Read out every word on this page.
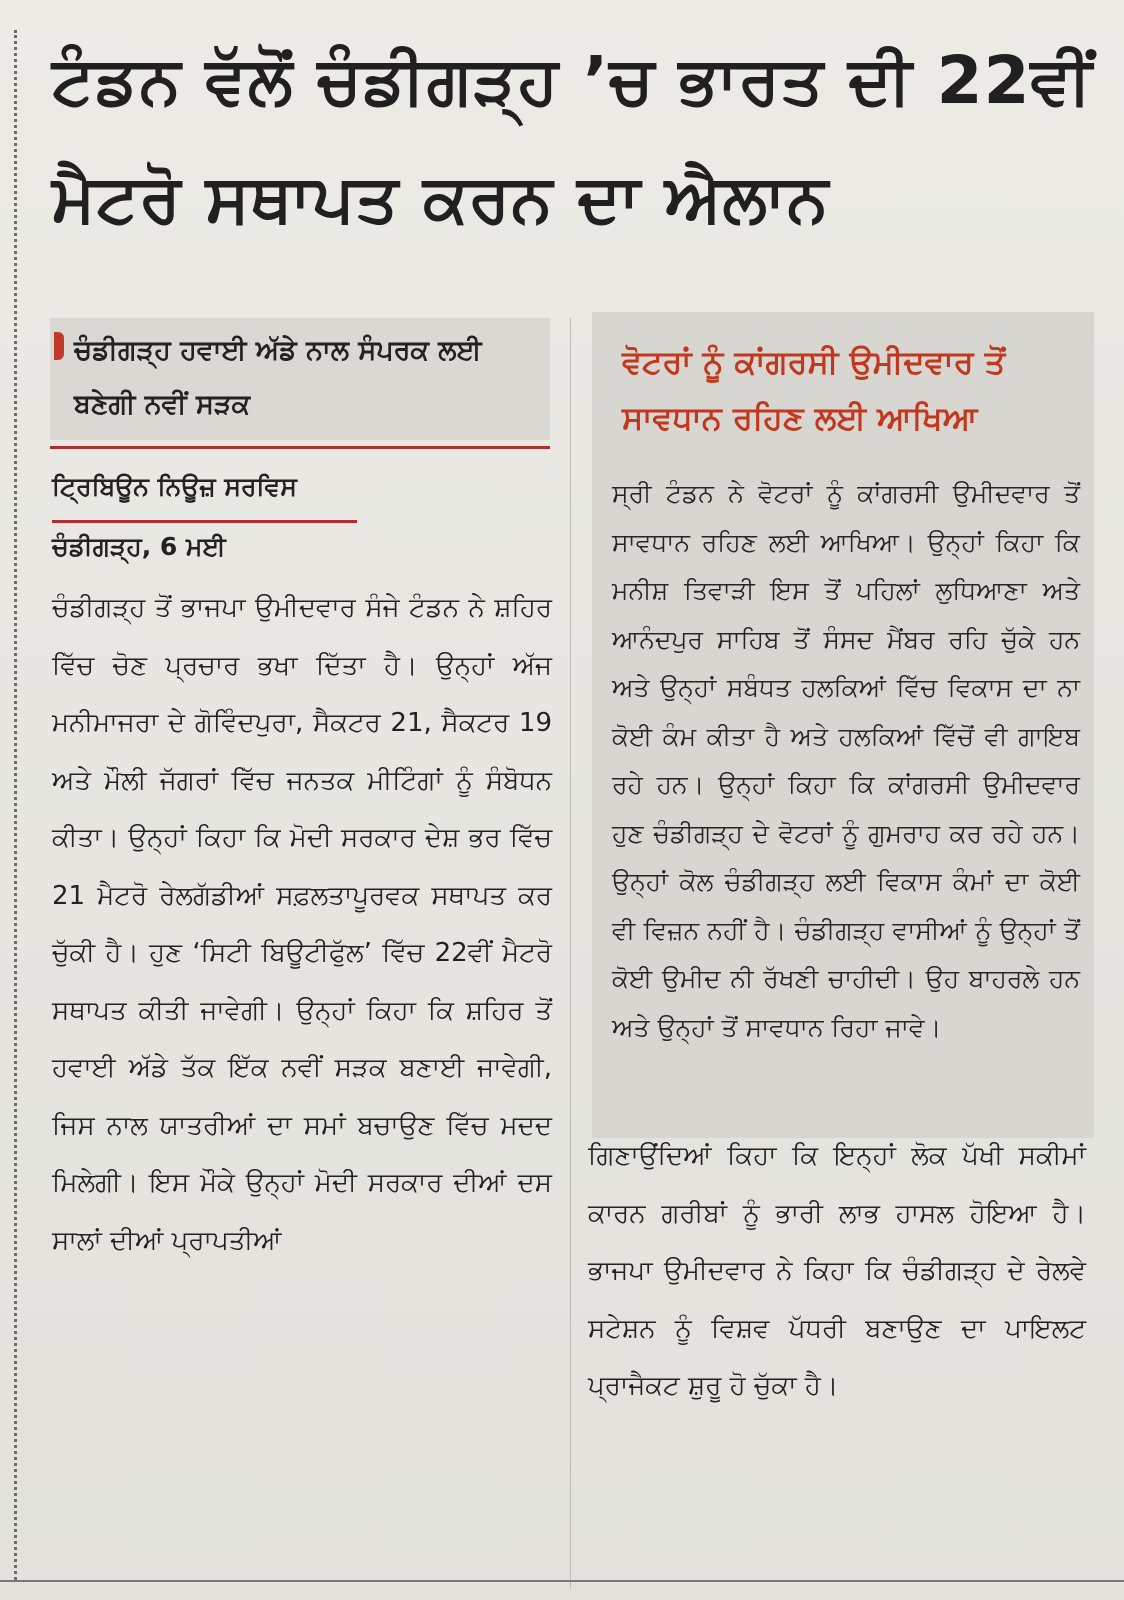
ਟੰਡਨ ਵੱਲੋਂ ਚੰਡੀਗੜ੍ਹ ’ਚ ਭਾਰਤ ਦੀ 22ਵੀਂ ਮੈਟਰੋ ਸਥਾਪਤ ਕਰਨ ਦਾ ਐਲਾਨ
ਚੰਡੀਗੜ੍ਹ ਹਵਾਈ ਅੱਡੇ ਨਾਲ ਸੰਪਰਕ ਲਈ ਬਣੇਗੀ ਨਵੀਂ ਸੜਕ
ਟ੍ਰਿਬਿਊਨ ਨਿਊਜ਼ ਸਰਵਿਸ
ਚੰਡੀਗੜ੍ਹ, 6 ਮਈ
ਚੰਡੀਗੜ੍ਹ ਤੋਂ ਭਾਜਪਾ ਉਮੀਦਵਾਰ ਸੰਜੇ ਟੰਡਨ ਨੇ ਸ਼ਹਿਰ ਵਿੱਚ ਚੋਣ ਪ੍ਰਚਾਰ ਭਖਾ ਦਿੱਤਾ ਹੈ। ਉਨ੍ਹਾਂ ਅੱਜ ਮਨੀਮਾਜਰਾ ਦੇ ਗੋਵਿੰਦਪੁਰਾ, ਸੈਕਟਰ 21, ਸੈਕਟਰ 19 ਅਤੇ ਮੌਲੀ ਜੱਗਰਾਂ ਵਿੱਚ ਜਨਤਕ ਮੀਟਿੰਗਾਂ ਨੂੰ ਸੰਬੋਧਨ ਕੀਤਾ। ਉਨ੍ਹਾਂ ਕਿਹਾ ਕਿ ਮੋਦੀ ਸਰਕਾਰ ਦੇਸ਼ ਭਰ ਵਿੱਚ 21 ਮੈਟਰੋ ਰੇਲਗੱਡੀਆਂ ਸਫ਼ਲਤਾਪੂਰਵਕ ਸਥਾਪਤ ਕਰ ਚੁੱਕੀ ਹੈ। ਹੁਣ ‘ਸਿਟੀ ਬਿਊਟੀਫੁੱਲ’ ਵਿੱਚ 22ਵੀਂ ਮੈਟਰੋ ਸਥਾਪਤ ਕੀਤੀ ਜਾਵੇਗੀ। ਉਨ੍ਹਾਂ ਕਿਹਾ ਕਿ ਸ਼ਹਿਰ ਤੋਂ ਹਵਾਈ ਅੱਡੇ ਤੱਕ ਇੱਕ ਨਵੀਂ ਸੜਕ ਬਣਾਈ ਜਾਵੇਗੀ, ਜਿਸ ਨਾਲ ਯਾਤਰੀਆਂ ਦਾ ਸਮਾਂ ਬਚਾਉਣ ਵਿੱਚ ਮਦਦ ਮਿਲੇਗੀ। ਇਸ ਮੌਕੇ ਉਨ੍ਹਾਂ ਮੋਦੀ ਸਰਕਾਰ ਦੀਆਂ ਦਸ ਸਾਲਾਂ ਦੀਆਂ ਪ੍ਰਾਪਤੀਆਂ
ਵੋਟਰਾਂ ਨੂੰ ਕਾਂਗਰਸੀ ਉਮੀਦਵਾਰ ਤੋਂ ਸਾਵਧਾਨ ਰਹਿਣ ਲਈ ਆਖਿਆ
ਸ੍ਰੀ ਟੰਡਨ ਨੇ ਵੋਟਰਾਂ ਨੂੰ ਕਾਂਗਰਸੀ ਉਮੀਦਵਾਰ ਤੋਂ ਸਾਵਧਾਨ ਰਹਿਣ ਲਈ ਆਖਿਆ। ਉਨ੍ਹਾਂ ਕਿਹਾ ਕਿ ਮਨੀਸ਼ ਤਿਵਾੜੀ ਇਸ ਤੋਂ ਪਹਿਲਾਂ ਲੁਧਿਆਣਾ ਅਤੇ ਆਨੰਦਪੁਰ ਸਾਹਿਬ ਤੋਂ ਸੰਸਦ ਮੈਂਬਰ ਰਹਿ ਚੁੱਕੇ ਹਨ ਅਤੇ ਉਨ੍ਹਾਂ ਸਬੰਧਤ ਹਲਕਿਆਂ ਵਿੱਚ ਵਿਕਾਸ ਦਾ ਨਾ ਕੋਈ ਕੰਮ ਕੀਤਾ ਹੈ ਅਤੇ ਹਲਕਿਆਂ ਵਿੱਚੋਂ ਵੀ ਗਾਇਬ ਰਹੇ ਹਨ। ਉਨ੍ਹਾਂ ਕਿਹਾ ਕਿ ਕਾਂਗਰਸੀ ਉਮੀਦਵਾਰ ਹੁਣ ਚੰਡੀਗੜ੍ਹ ਦੇ ਵੋਟਰਾਂ ਨੂੰ ਗੁਮਰਾਹ ਕਰ ਰਹੇ ਹਨ। ਉਨ੍ਹਾਂ ਕੋਲ ਚੰਡੀਗੜ੍ਹ ਲਈ ਵਿਕਾਸ ਕੰਮਾਂ ਦਾ ਕੋਈ ਵੀ ਵਿਜ਼ਨ ਨਹੀਂ ਹੈ। ਚੰਡੀਗੜ੍ਹ ਵਾਸੀਆਂ ਨੂੰ ਉਨ੍ਹਾਂ ਤੋਂ ਕੋਈ ਉਮੀਦ ਨੀ ਰੱਖਣੀ ਚਾਹੀਦੀ। ਉਹ ਬਾਹਰਲੇ ਹਨ ਅਤੇ ਉਨ੍ਹਾਂ ਤੋਂ ਸਾਵਧਾਨ ਰਿਹਾ ਜਾਵੇ।
ਗਿਣਾਉਂਦਿਆਂ ਕਿਹਾ ਕਿ ਇਨ੍ਹਾਂ ਲੋਕ ਪੱਖੀ ਸਕੀਮਾਂ ਕਾਰਨ ਗਰੀਬਾਂ ਨੂੰ ਭਾਰੀ ਲਾਭ ਹਾਸਲ ਹੋਇਆ ਹੈ। ਭਾਜਪਾ ਉਮੀਦਵਾਰ ਨੇ ਕਿਹਾ ਕਿ ਚੰਡੀਗੜ੍ਹ ਦੇ ਰੇਲਵੇ ਸਟੇਸ਼ਨ ਨੂੰ ਵਿਸ਼ਵ ਪੱਧਰੀ ਬਣਾਉਣ ਦਾ ਪਾਇਲਟ ਪ੍ਰਾਜੈਕਟ ਸ਼ੁਰੂ ਹੋ ਚੁੱਕਾ ਹੈ।
